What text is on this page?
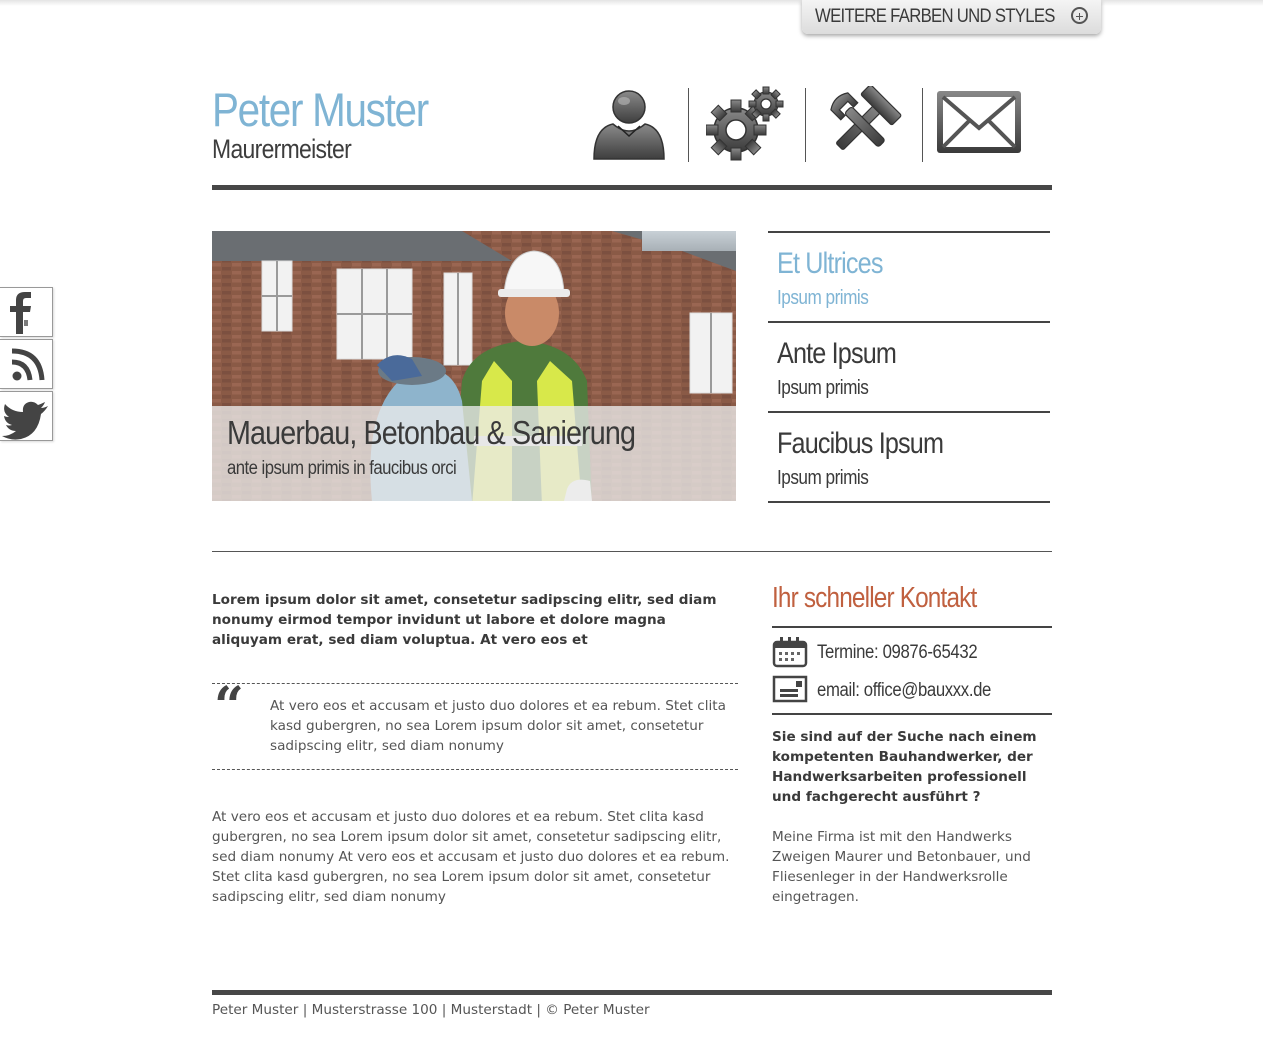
WEITERE FARBEN UND STYLES
Peter Muster
Maurermeister
Mauerbau, Betonbau & Sanierung
ante ipsum primis in faucibus orci
Et Ultrices
Ipsum primis
Ante Ipsum
Ipsum primis
Faucibus Ipsum
Ipsum primis

Lorem ipsum dolor sit amet, consetetur sadipscing elitr, sed diam nonumy eirmod tempor invidunt ut labore et dolore magna aliquyam erat, sed diam voluptua. At vero eos et

“ At vero eos et accusam et justo duo dolores et ea rebum. Stet clita kasd gubergren, no sea Lorem ipsum dolor sit amet, consetetur sadipscing elitr, sed diam nonumy

At vero eos et accusam et justo duo dolores et ea rebum. Stet clita kasd gubergren, no sea Lorem ipsum dolor sit amet, consetetur sadipscing elitr, sed diam nonumy At vero eos et accusam et justo duo dolores et ea rebum. Stet clita kasd gubergren, no sea Lorem ipsum dolor sit amet, consetetur sadipscing elitr, sed diam nonumy

Ihr schneller Kontakt
Termine: 09876-65432
email: office@bauxxx.de

Sie sind auf der Suche nach einem kompetenten Bauhandwerker, der Handwerksarbeiten professionell und fachgerecht ausführt ?

Meine Firma ist mit den Handwerks Zweigen Maurer und Betonbauer, und Fliesenleger in der Handwerksrolle eingetragen.

Peter Muster | Musterstrasse 100 | Musterstadt | © Peter Muster
